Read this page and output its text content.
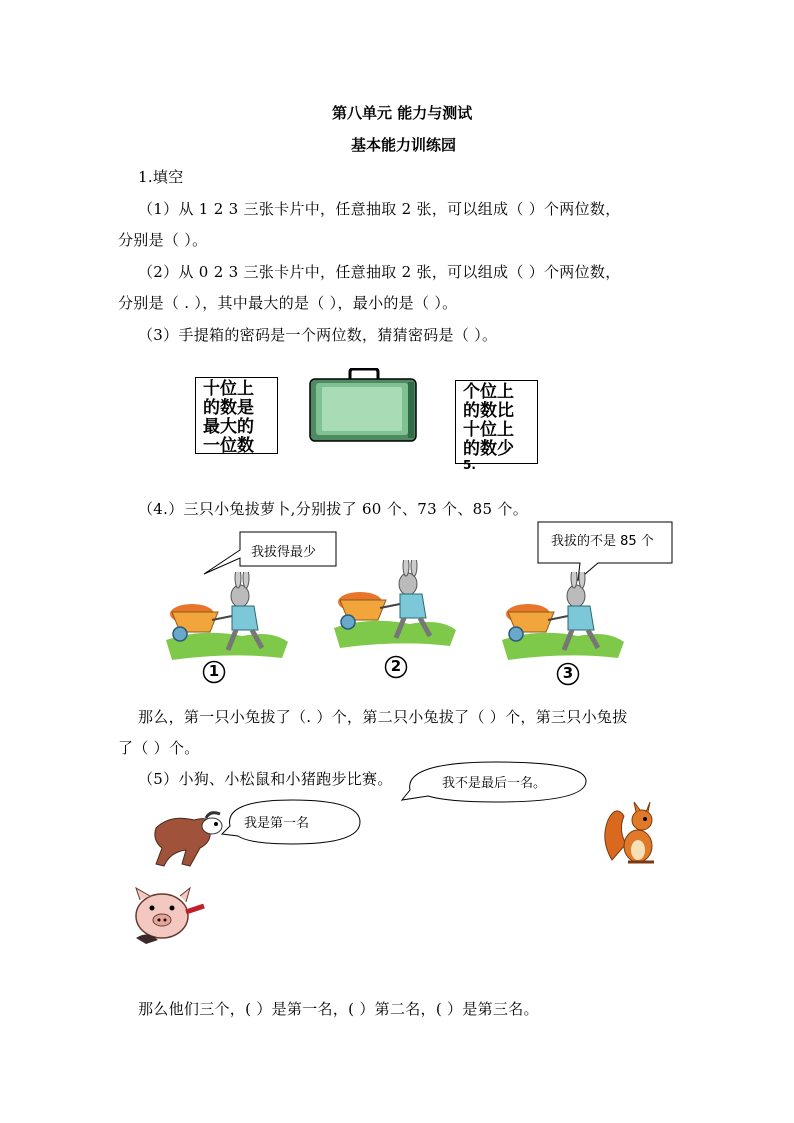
第八单元 能力与测试
基本能力训练园
1.填空
（1）从 1 2 3 三张卡片中，任意抽取 2 张，可以组成（ ）个两位数，
分别是（ ）。
（2）从 0 2 3 三张卡片中，任意抽取 2 张，可以组成（ ）个两位数，
分别是（ . ），其中最大的是（ ），最小的是（ ）。
（3）手提箱的密码是一个两位数，猜猜密码是（ ）。
十位上
的数是
最大的
一位数
个位上
的数比
十位上
的数少
5.
（4.）三只小兔拔萝卜,分别拔了 60 个、73 个、85 个。
我拔得最少
我拔的不是 85 个
1	2	3
那么，第一只小兔拔了（. ）个，第二只小兔拔了（ ）个，第三只小兔拔
了（ ）个。
（5）小狗、小松鼠和小猪跑步比赛。	我不是最后一名。
我是第一名
那么他们三个，( ）是第一名，( ）第二名，( ）是第三名。
